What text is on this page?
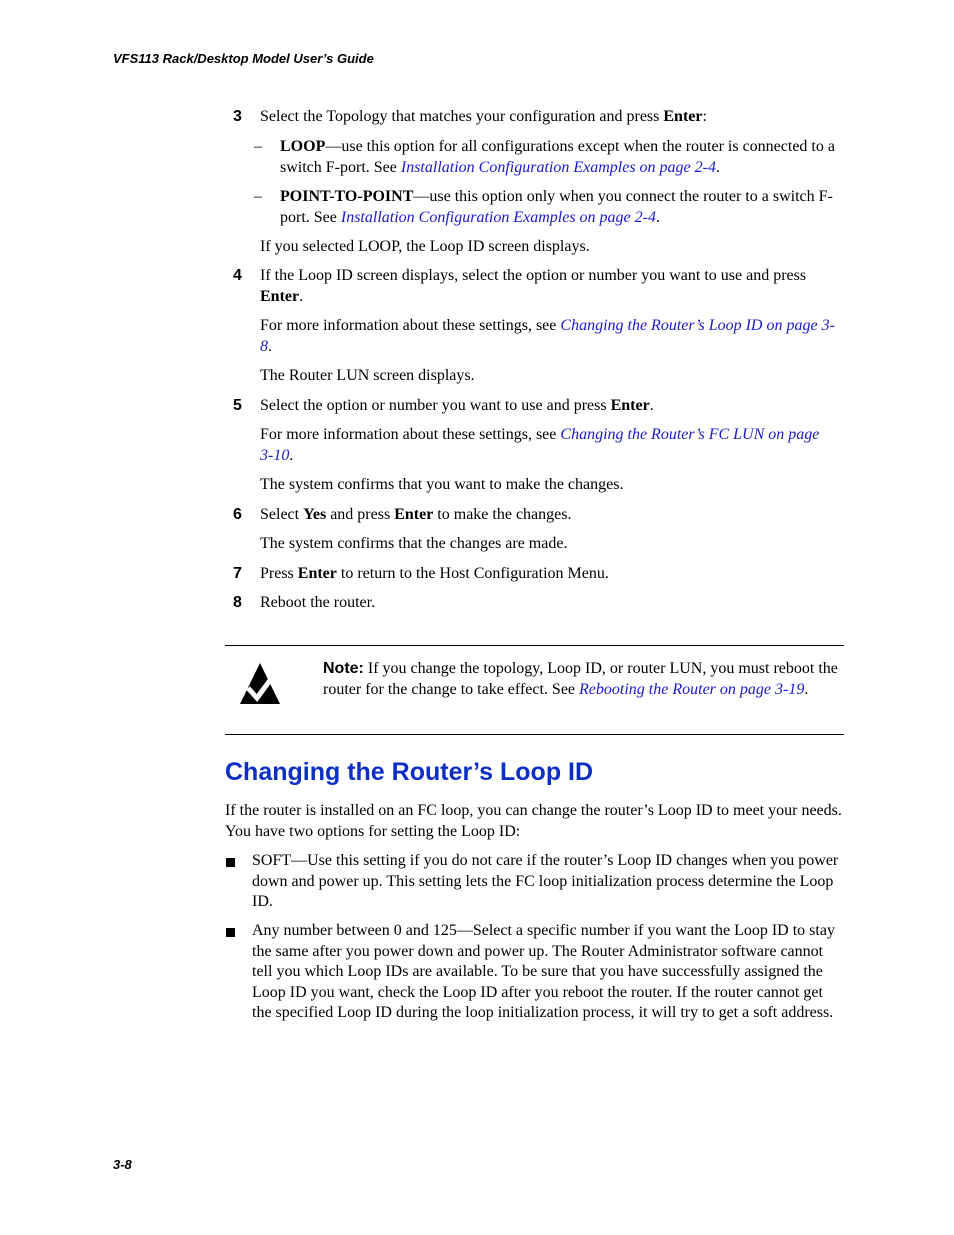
VFS113 Rack/Desktop Model User’s Guide
3 Select the Topology that matches your configuration and press Enter:
– LOOP—use this option for all configurations except when the router is connected to a switch F-port. See Installation Configuration Examples on page 2-4.
– POINT-TO-POINT—use this option only when you connect the router to a switch F-port. See Installation Configuration Examples on page 2-4.
If you selected LOOP, the Loop ID screen displays.
4 If the Loop ID screen displays, select the option or number you want to use and press Enter.
For more information about these settings, see Changing the Router’s Loop ID on page 3-8.
The Router LUN screen displays.
5 Select the option or number you want to use and press Enter.
For more information about these settings, see Changing the Router’s FC LUN on page 3-10.
The system confirms that you want to make the changes.
6 Select Yes and press Enter to make the changes.
The system confirms that the changes are made.
7 Press Enter to return to the Host Configuration Menu.
8 Reboot the router.
Note: If you change the topology, Loop ID, or router LUN, you must reboot the router for the change to take effect. See Rebooting the Router on page 3-19.
Changing the Router’s Loop ID
If the router is installed on an FC loop, you can change the router’s Loop ID to meet your needs. You have two options for setting the Loop ID:
SOFT—Use this setting if you do not care if the router’s Loop ID changes when you power down and power up. This setting lets the FC loop initialization process determine the Loop ID.
Any number between 0 and 125—Select a specific number if you want the Loop ID to stay the same after you power down and power up. The Router Administrator software cannot tell you which Loop IDs are available. To be sure that you have successfully assigned the Loop ID you want, check the Loop ID after you reboot the router. If the router cannot get the specified Loop ID during the loop initialization process, it will try to get a soft address.
3-8
